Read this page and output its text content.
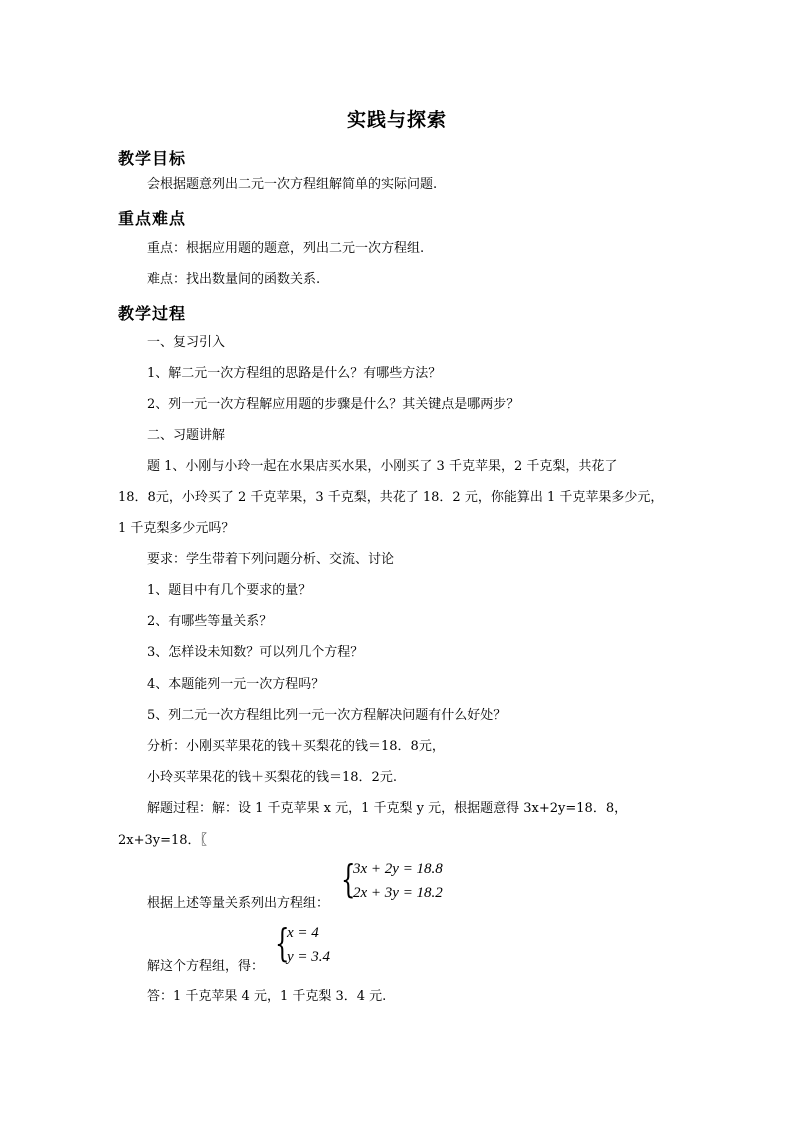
实践与探索
教学目标
会根据题意列出二元一次方程组解简单的实际问题.
重点难点
重点：根据应用题的题意，列出二元一次方程组.
难点：找出数量间的函数关系.
教学过程
一、复习引入
1、解二元一次方程组的思路是什么？有哪些方法？
2、列一元一次方程解应用题的步骤是什么？其关键点是哪两步？
二、习题讲解
题 1、小刚与小玲一起在水果店买水果，小刚买了 3 千克苹果，2 千克梨，共花了
18．8元，小玲买了 2 千克苹果，3 千克梨，共花了 18．2 元，你能算出 1 千克苹果多少元，
1 千克梨多少元吗？
要求：学生带着下列问题分析、交流、讨论
1、题目中有几个要求的量？
2、有哪些等量关系？
3、怎样设未知数？可以列几个方程？
4、本题能列一元一次方程吗？
5、列二元一次方程组比列一元一次方程解决问题有什么好处？
分析：小刚买苹果花的钱＋买梨花的钱＝18．8元，
小玲买苹果花的钱＋买梨花的钱＝18．2元.
解题过程：解：设 1 千克苹果 x 元，1 千克梨 y 元，根据题意得 3x+2y=18．8，
2x+3y=18．〖
{
3x + 2y = 18.8
2x + 3y = 18.2
根据上述等量关系列出方程组：
{
x = 4
y = 3.4
解这个方程组，得：
答：1 千克苹果 4 元，1 千克梨 3．4 元.
